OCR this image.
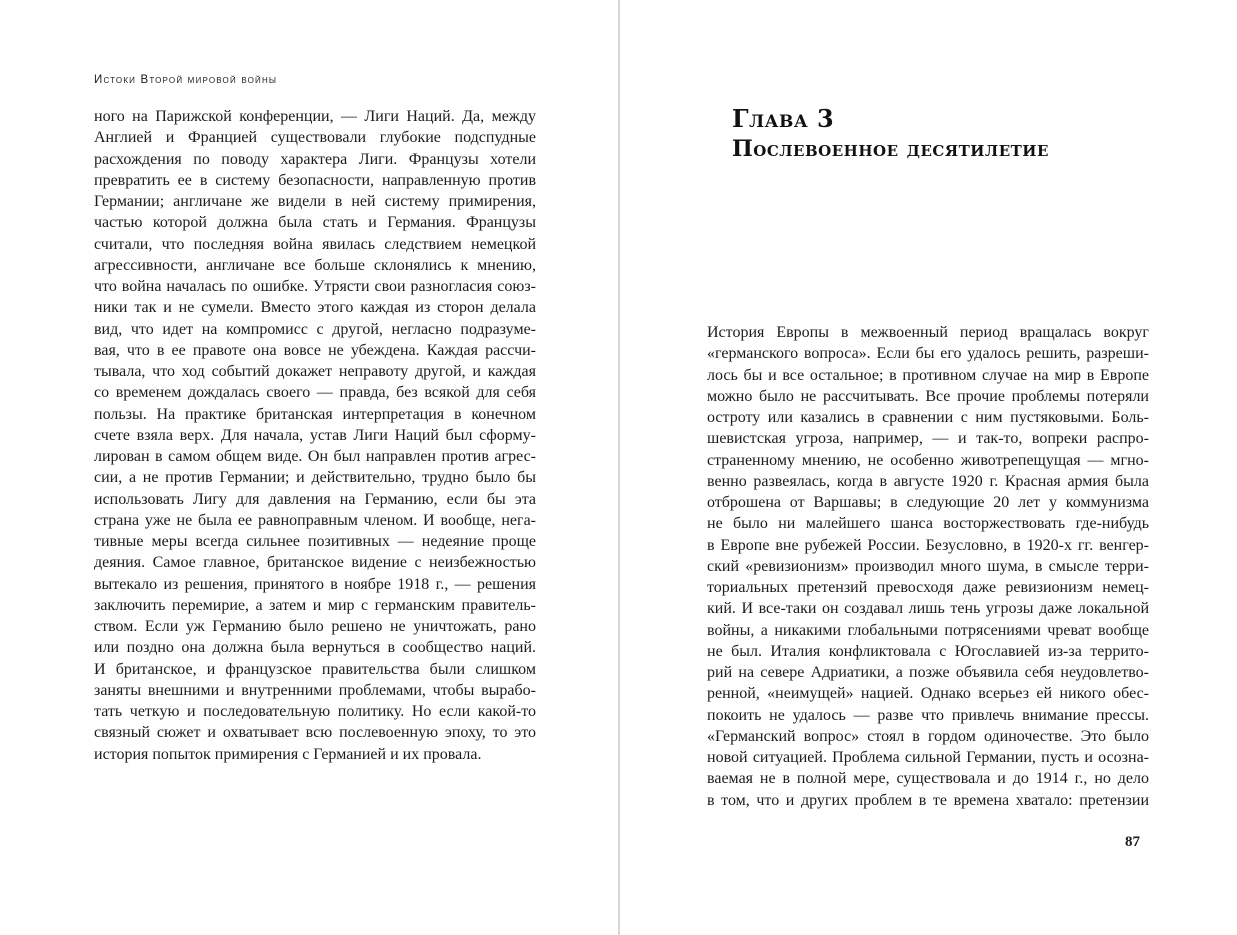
Истоки Второй мировой войны
ного на Парижской конференции, — Лиги Наций. Да, между
Англией и Францией существовали глубокие подспудные
расхождения по поводу характера Лиги. Французы хотели
превратить ее в систему безопасности, направленную против
Германии; англичане же видели в ней систему примирения,
частью которой должна была стать и Германия. Французы
считали, что последняя война явилась следствием немецкой
агрессивности, англичане все больше склонялись к мнению,
что война началась по ошибке. Утрясти свои разногласия союз-
ники так и не сумели. Вместо этого каждая из сторон делала
вид, что идет на компромисс с другой, негласно подразуме-
вая, что в ее правоте она вовсе не убеждена. Каждая рассчи-
тывала, что ход событий докажет неправоту другой, и каждая
со временем дождалась своего — правда, без всякой для себя
пользы. На практике британская интерпретация в конечном
счете взяла верх. Для начала, устав Лиги Наций был сформу-
лирован в самом общем виде. Он был направлен против агрес-
сии, а не против Германии; и действительно, трудно было бы
использовать Лигу для давления на Германию, если бы эта
страна уже не была ее равноправным членом. И вообще, нега-
тивные меры всегда сильнее позитивных — недеяние проще
деяния. Самое главное, британское видение с неизбежностью
вытекало из решения, принятого в ноябре 1918 г., — решения
заключить перемирие, а затем и мир с германским правитель-
ством. Если уж Германию было решено не уничтожать, рано
или поздно она должна была вернуться в сообщество наций.
И британское, и французское правительства были слишком
заняты внешними и внутренними проблемами, чтобы вырабо-
тать четкую и последовательную политику. Но если какой-то
связный сюжет и охватывает всю послевоенную эпоху, то это
история попыток примирения с Германией и их провала.
Глава 3
Послевоенное десятилетие
История Европы в межвоенный период вращалась вокруг
«германского вопроса». Если бы его удалось решить, разреши-
лось бы и все остальное; в противном случае на мир в Европе
можно было не рассчитывать. Все прочие проблемы потеряли
остроту или казались в сравнении с ним пустяковыми. Боль-
шевистская угроза, например, — и так-то, вопреки распро-
страненному мнению, не особенно животрепещущая — мгно-
венно развеялась, когда в августе 1920 г. Красная армия была
отброшена от Варшавы; в следующие 20 лет у коммунизма
не было ни малейшего шанса восторжествовать где-нибудь
в Европе вне рубежей России. Безусловно, в 1920-х гг. венгер-
ский «ревизионизм» производил много шума, в смысле терри-
ториальных претензий превосходя даже ревизионизм немец-
кий. И все-таки он создавал лишь тень угрозы даже локальной
войны, а никакими глобальными потрясениями чреват вообще
не был. Италия конфликтовала с Югославией из-за террито-
рий на севере Адриатики, а позже объявила себя неудовлетво-
ренной, «неимущей» нацией. Однако всерьез ей никого обес-
покоить не удалось — разве что привлечь внимание прессы.
«Германский вопрос» стоял в гордом одиночестве. Это было
новой ситуацией. Проблема сильной Германии, пусть и осозна-
ваемая не в полной мере, существовала и до 1914 г., но дело
в том, что и других проблем в те времена хватало: претензии
87
